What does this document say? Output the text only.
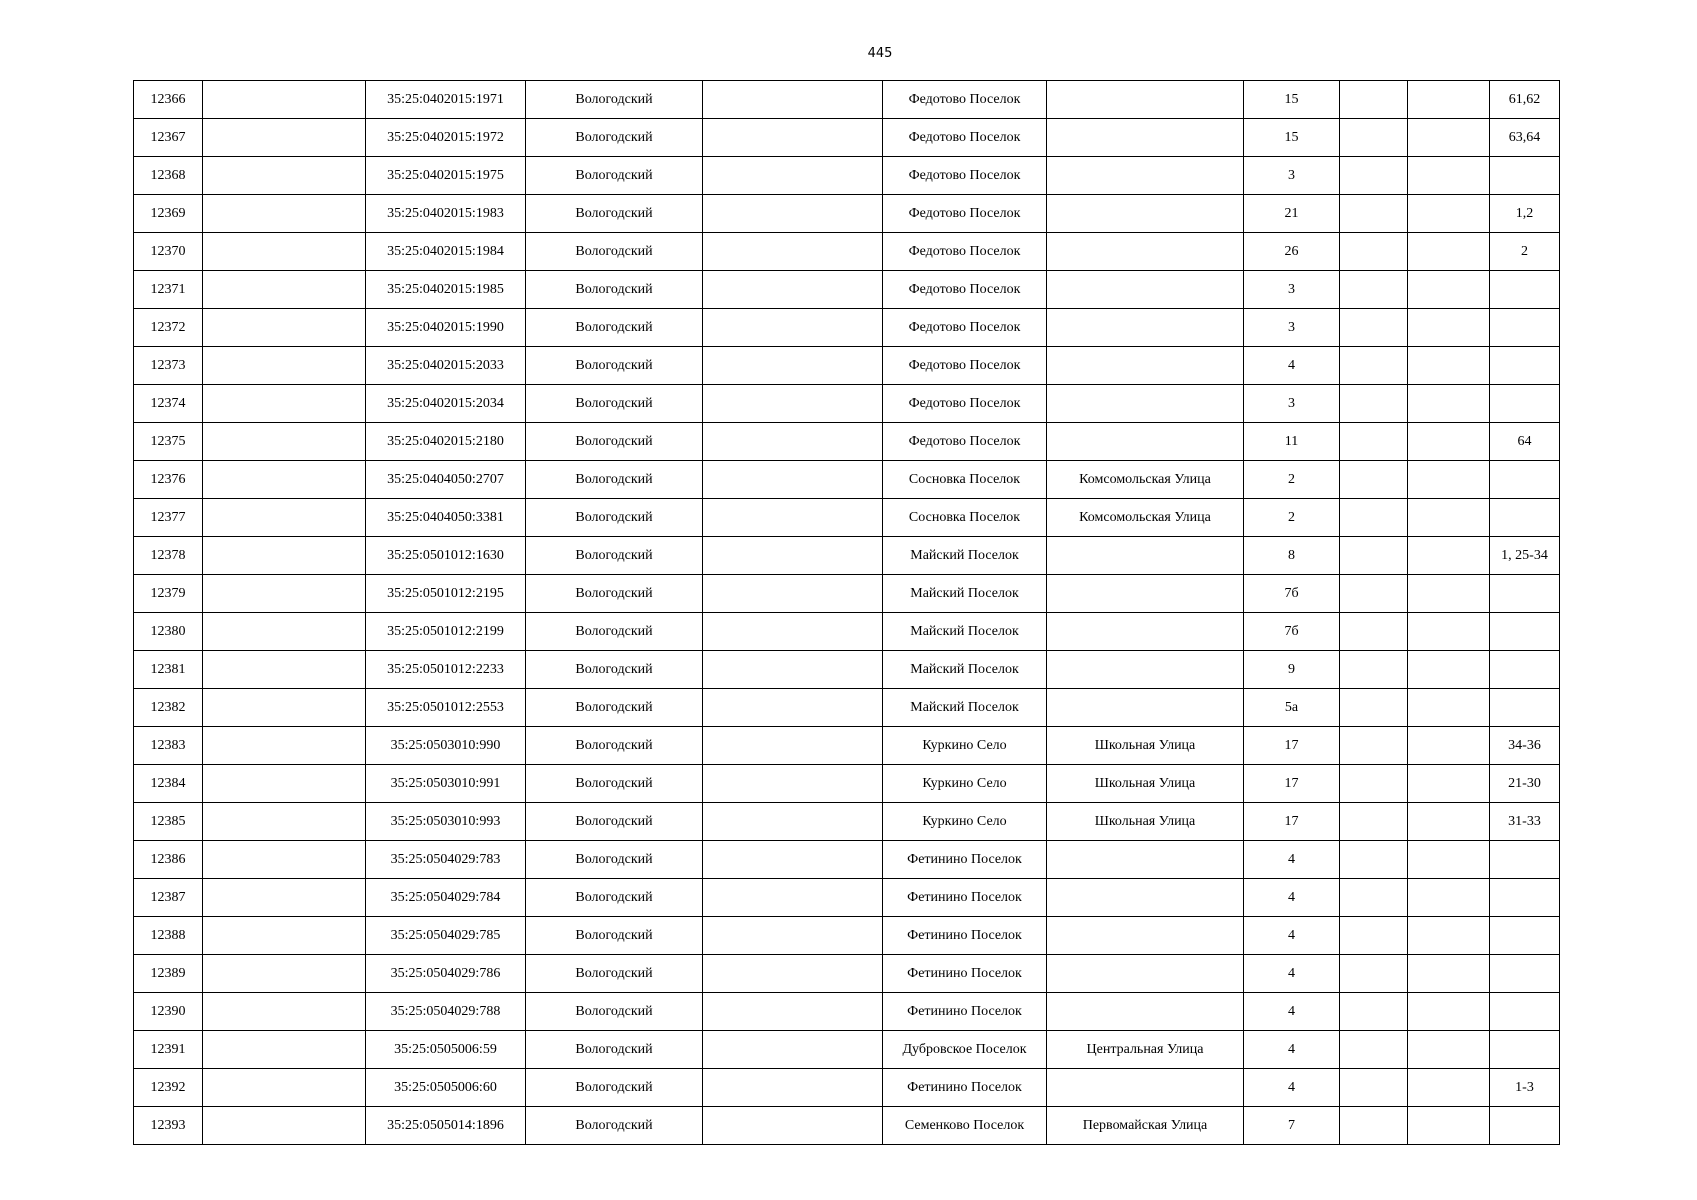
445
12366		35:25:0402015:1971	Вологодский		Федотово Поселок		15			61,62
12367		35:25:0402015:1972	Вологодский		Федотово Поселок		15			63,64
12368		35:25:0402015:1975	Вологодский		Федотово Поселок		3			
12369		35:25:0402015:1983	Вологодский		Федотово Поселок		21			1,2
12370		35:25:0402015:1984	Вологодский		Федотово Поселок		26			2
12371		35:25:0402015:1985	Вологодский		Федотово Поселок		3			
12372		35:25:0402015:1990	Вологодский		Федотово Поселок		3			
12373		35:25:0402015:2033	Вологодский		Федотово Поселок		4			
12374		35:25:0402015:2034	Вологодский		Федотово Поселок		3			
12375		35:25:0402015:2180	Вологодский		Федотово Поселок		11			64
12376		35:25:0404050:2707	Вологодский		Сосновка Поселок	Комсомольская Улица	2			
12377		35:25:0404050:3381	Вологодский		Сосновка Поселок	Комсомольская Улица	2			
12378		35:25:0501012:1630	Вологодский		Майский Поселок		8			1, 25-34
12379		35:25:0501012:2195	Вологодский		Майский Поселок		7б			
12380		35:25:0501012:2199	Вологодский		Майский Поселок		7б			
12381		35:25:0501012:2233	Вологодский		Майский Поселок		9			
12382		35:25:0501012:2553	Вологодский		Майский Поселок		5а			
12383		35:25:0503010:990	Вологодский		Куркино Село	Школьная Улица	17			34-36
12384		35:25:0503010:991	Вологодский		Куркино Село	Школьная Улица	17			21-30
12385		35:25:0503010:993	Вологодский		Куркино Село	Школьная Улица	17			31-33
12386		35:25:0504029:783	Вологодский		Фетинино Поселок		4			
12387		35:25:0504029:784	Вологодский		Фетинино Поселок		4			
12388		35:25:0504029:785	Вологодский		Фетинино Поселок		4			
12389		35:25:0504029:786	Вологодский		Фетинино Поселок		4			
12390		35:25:0504029:788	Вологодский		Фетинино Поселок		4			
12391		35:25:0505006:59	Вологодский		Дубровское Поселок	Центральная Улица	4			
12392		35:25:0505006:60	Вологодский		Фетинино Поселок		4			1-3
12393		35:25:0505014:1896	Вологодский		Семенково Поселок	Первомайская Улица	7			
